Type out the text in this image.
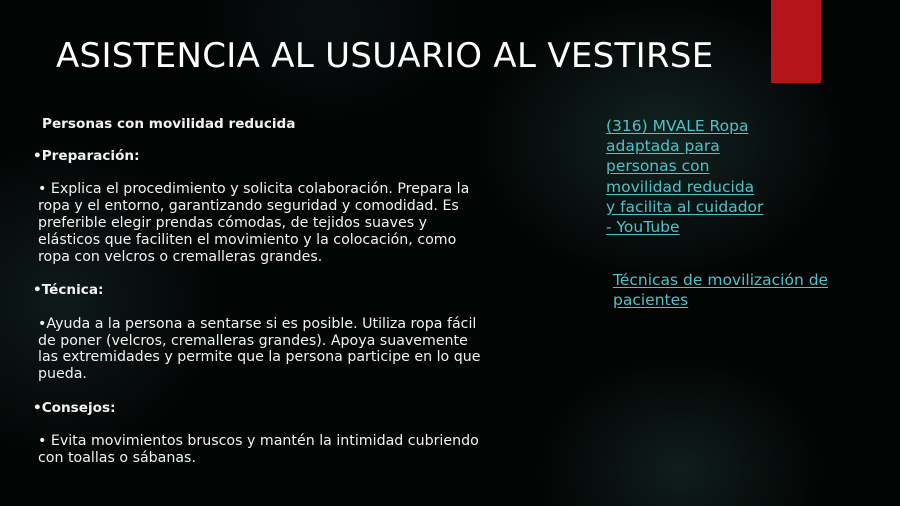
ASISTENCIA AL USUARIO AL VESTIRSE

Personas con movilidad reducida

•Preparación:

• Explica el procedimiento y solicita colaboración. Prepara la ropa y el entorno, garantizando seguridad y comodidad. Es preferible elegir prendas cómodas, de tejidos suaves y elásticos que faciliten el movimiento y la colocación, como ropa con velcros o cremalleras grandes.

•Técnica:

•Ayuda a la persona a sentarse si es posible. Utiliza ropa fácil de poner (velcros, cremalleras grandes). Apoya suavemente las extremidades y permite que la persona participe en lo que pueda.

•Consejos:

• Evita movimientos bruscos y mantén la intimidad cubriendo con toallas o sábanas.

(316) MVALE Ropa adaptada para personas con movilidad reducida y facilita al cuidador - YouTube
Técnicas de movilización de pacientes
